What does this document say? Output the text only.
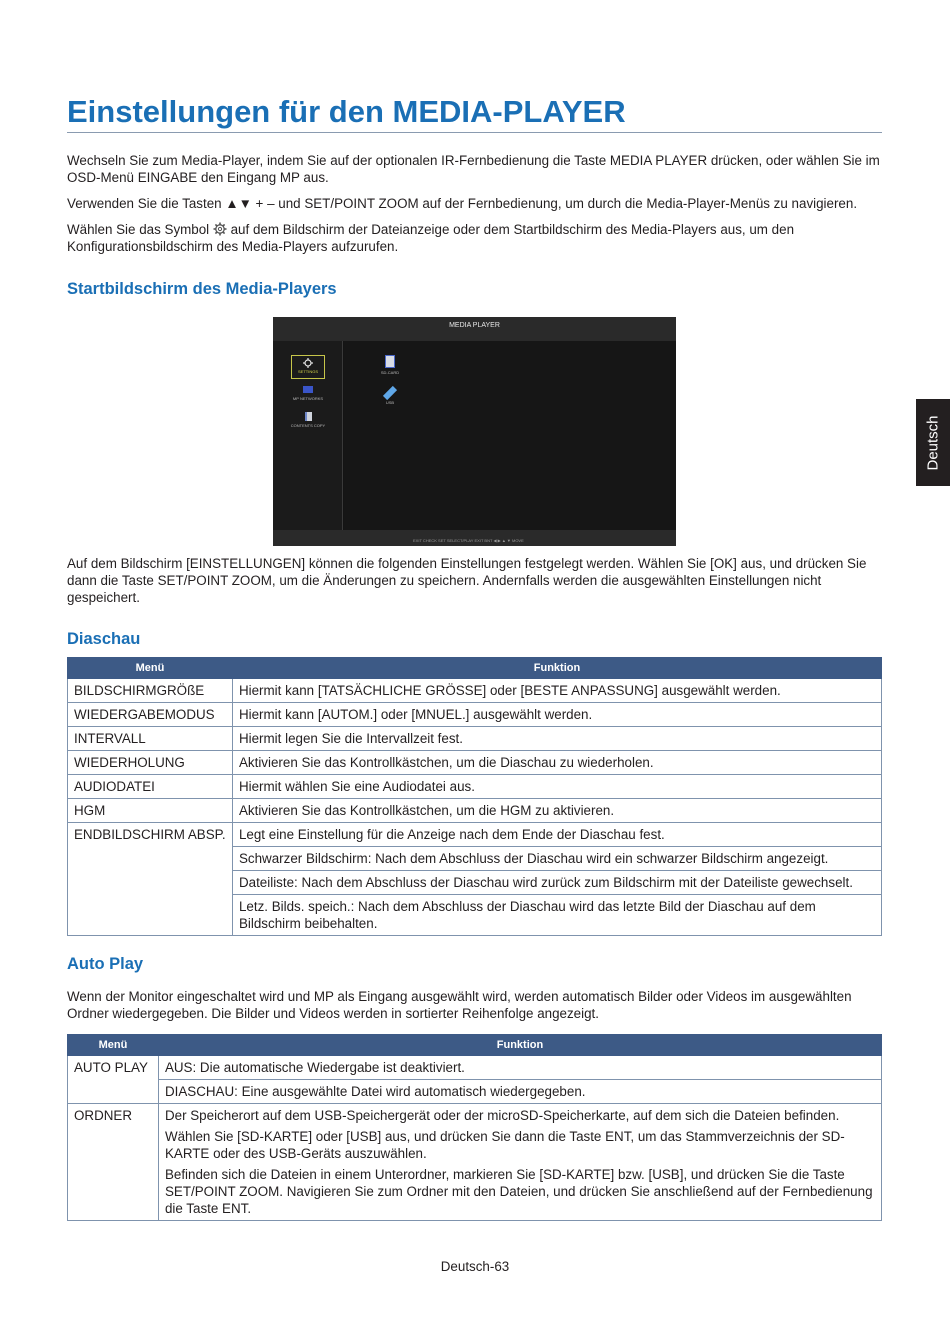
Deutsch
Einstellungen für den MEDIA-PLAYER

Wechseln Sie zum Media-Player, indem Sie auf der optionalen IR-Fernbedienung die Taste MEDIA PLAYER drücken, oder wählen Sie im OSD-Menü EINGABE den Eingang MP aus.

Verwenden Sie die Tasten ▲▼ + – und SET/POINT ZOOM auf der Fernbedienung, um durch die Media-Player-Menüs zu navigieren.

Wählen Sie das Symbol  auf dem Bildschirm der Dateianzeige oder dem Startbildschirm des Media-Players aus, um den Konfigurationsbildschirm des Media-Players aufzurufen.

Startbildschirm des Media-Players
MEDIA PLAYER
SETTINGS
MP NETWORKS
CONTENTS COPY
SD-CARD
USB
EXIT CHECK SET SELECT/PLAY EXIT BNT ◀ ▶ ▲ ▼ MOVE

Auf dem Bildschirm [EINSTELLUNGEN] können die folgenden Einstellungen festgelegt werden. Wählen Sie [OK] aus, und drücken Sie dann die Taste SET/POINT ZOOM, um die Änderungen zu speichern. Andernfalls werden die ausgewählten Einstellungen nicht gespeichert.

Diaschau
Menü	Funktion
BILDSCHIRMGRÖßE	Hiermit kann [TATSÄCHLICHE GRÖSSE] oder [BESTE ANPASSUNG] ausgewählt werden.
WIEDERGABEMODUS	Hiermit kann [AUTOM.] oder [MNUEL.] ausgewählt werden.
INTERVALL	Hiermit legen Sie die Intervallzeit fest.
WIEDERHOLUNG	Aktivieren Sie das Kontrollkästchen, um die Diaschau zu wiederholen.
AUDIODATEI	Hiermit wählen Sie eine Audiodatei aus.
HGM	Aktivieren Sie das Kontrollkästchen, um die HGM zu aktivieren.
ENDBILDSCHIRM ABSP.	Legt eine Einstellung für die Anzeige nach dem Ende der Diaschau fest.
	Schwarzer Bildschirm: Nach dem Abschluss der Diaschau wird ein schwarzer Bildschirm angezeigt.
	Dateiliste: Nach dem Abschluss der Diaschau wird zurück zum Bildschirm mit der Dateiliste gewechselt.
	Letz. Bilds. speich.: Nach dem Abschluss der Diaschau wird das letzte Bild der Diaschau auf dem Bildschirm beibehalten.
Auto Play

Wenn der Monitor eingeschaltet wird und MP als Eingang ausgewählt wird, werden automatisch Bilder oder Videos im ausgewählten Ordner wiedergegeben. Die Bilder und Videos werden in sortierter Reihenfolge angezeigt.

Menü	Funktion
AUTO PLAY	AUS: Die automatische Wiedergabe ist deaktiviert.
	DIASCHAU: Eine ausgewählte Datei wird automatisch wiedergegeben.
ORDNER	Der Speicherort auf dem USB-Speichergerät oder der microSD-Speicherkarte, auf dem sich die Dateien befinden.
Wählen Sie [SD-KARTE] oder [USB] aus, und drücken Sie dann die Taste ENT, um das Stammverzeichnis der SD-KARTE oder des USB-Geräts auszuwählen.
Befinden sich die Dateien in einem Unterordner, markieren Sie [SD-KARTE] bzw. [USB], und drücken Sie die Taste SET/POINT ZOOM. Navigieren Sie zum Ordner mit den Dateien, und drücken Sie anschließend auf der Fernbedienung die Taste ENT.
Deutsch-63
